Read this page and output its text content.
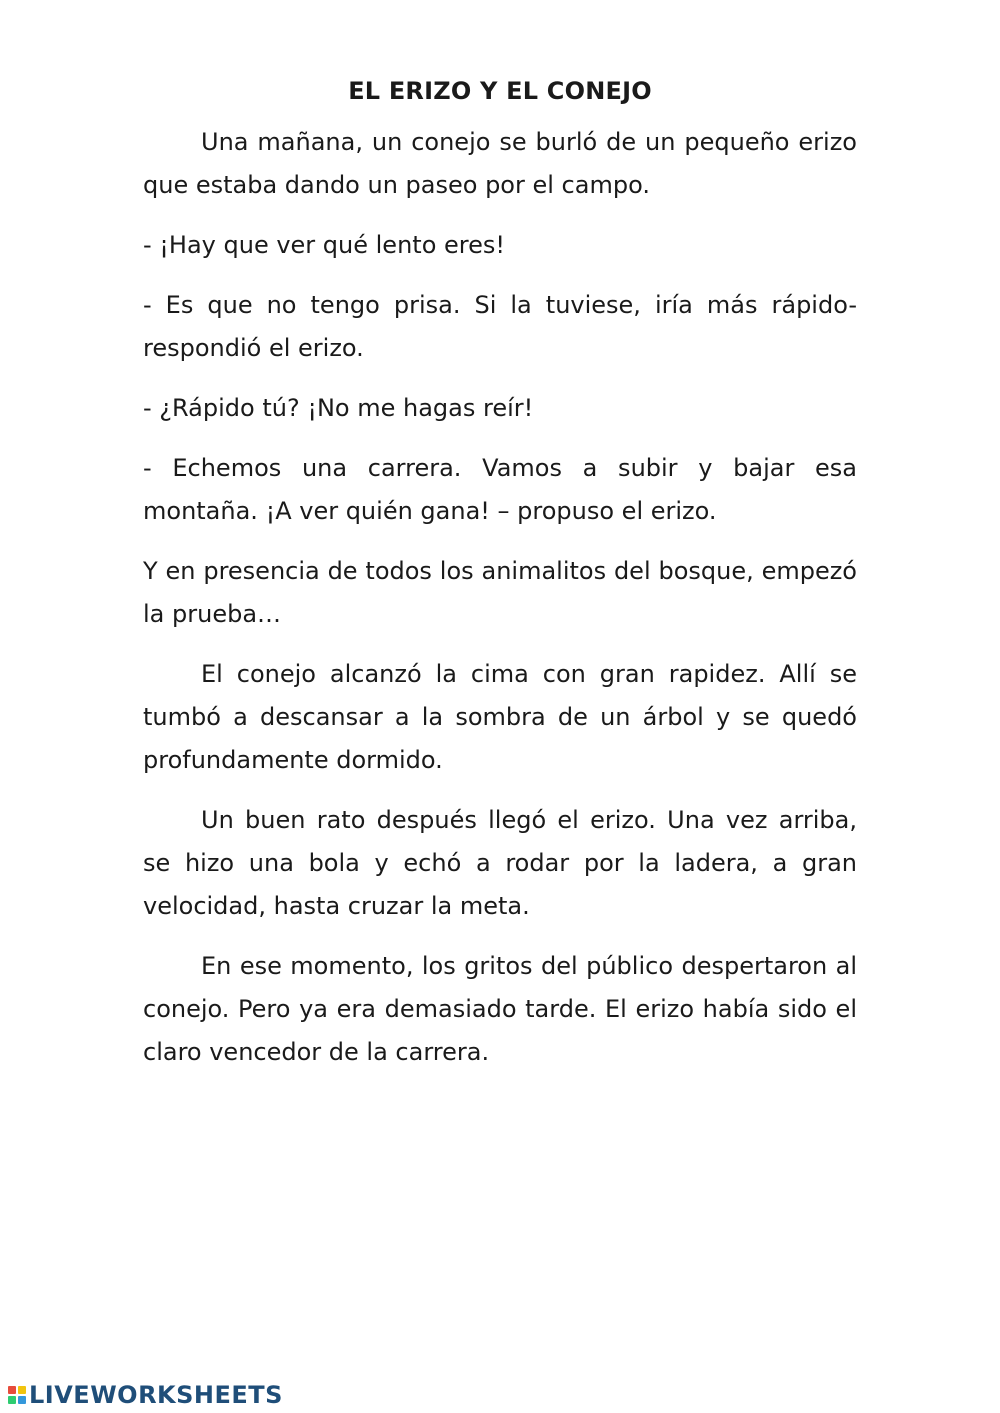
EL ERIZO Y EL CONEJO

Una mañana, un conejo se burló de un pequeño erizo que estaba dando un paseo por el campo.

- ¡Hay que ver qué lento eres!

- Es que no tengo prisa. Si la tuviese, iría más rápido- respondió el erizo.

- ¿Rápido tú? ¡No me hagas reír!

- Echemos una carrera. Vamos a subir y bajar esa montaña. ¡A ver quién gana! – propuso el erizo.

Y en presencia de todos los animalitos del bosque, empezó la prueba…

El conejo alcanzó la cima con gran rapidez. Allí se tumbó a descansar a la sombra de un árbol y se quedó profundamente dormido.

Un buen rato después llegó el erizo. Una vez arriba, se hizo una bola y echó a rodar por la ladera, a gran velocidad, hasta cruzar la meta.

En ese momento, los gritos del público despertaron al conejo. Pero ya era demasiado tarde. El erizo había sido el claro vencedor de la carrera.

LIVEWORKSHEETS
